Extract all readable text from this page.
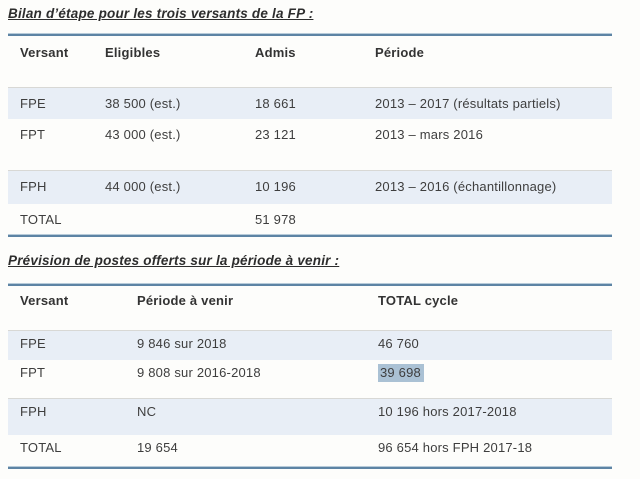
Bilan d’étape pour les trois versants de la FP :
Versant	Eligibles	Admis	Période
FPE	38 500 (est.)	18 661	2013 – 2017 (résultats partiels)
FPT	43 000 (est.)	23 121	2013 – mars 2016
FPH	44 000 (est.)	10 196	2013 – 2016 (échantillonnage)
TOTAL		51 978	
Prévision de postes offerts sur la période à venir :
Versant	Période à venir	TOTAL cycle
FPE	9 846 sur 2018	46 760
FPT	9 808 sur 2016-2018	39 698
FPH	NC	10 196 hors 2017-2018
TOTAL	19 654	96 654 hors FPH 2017-18
